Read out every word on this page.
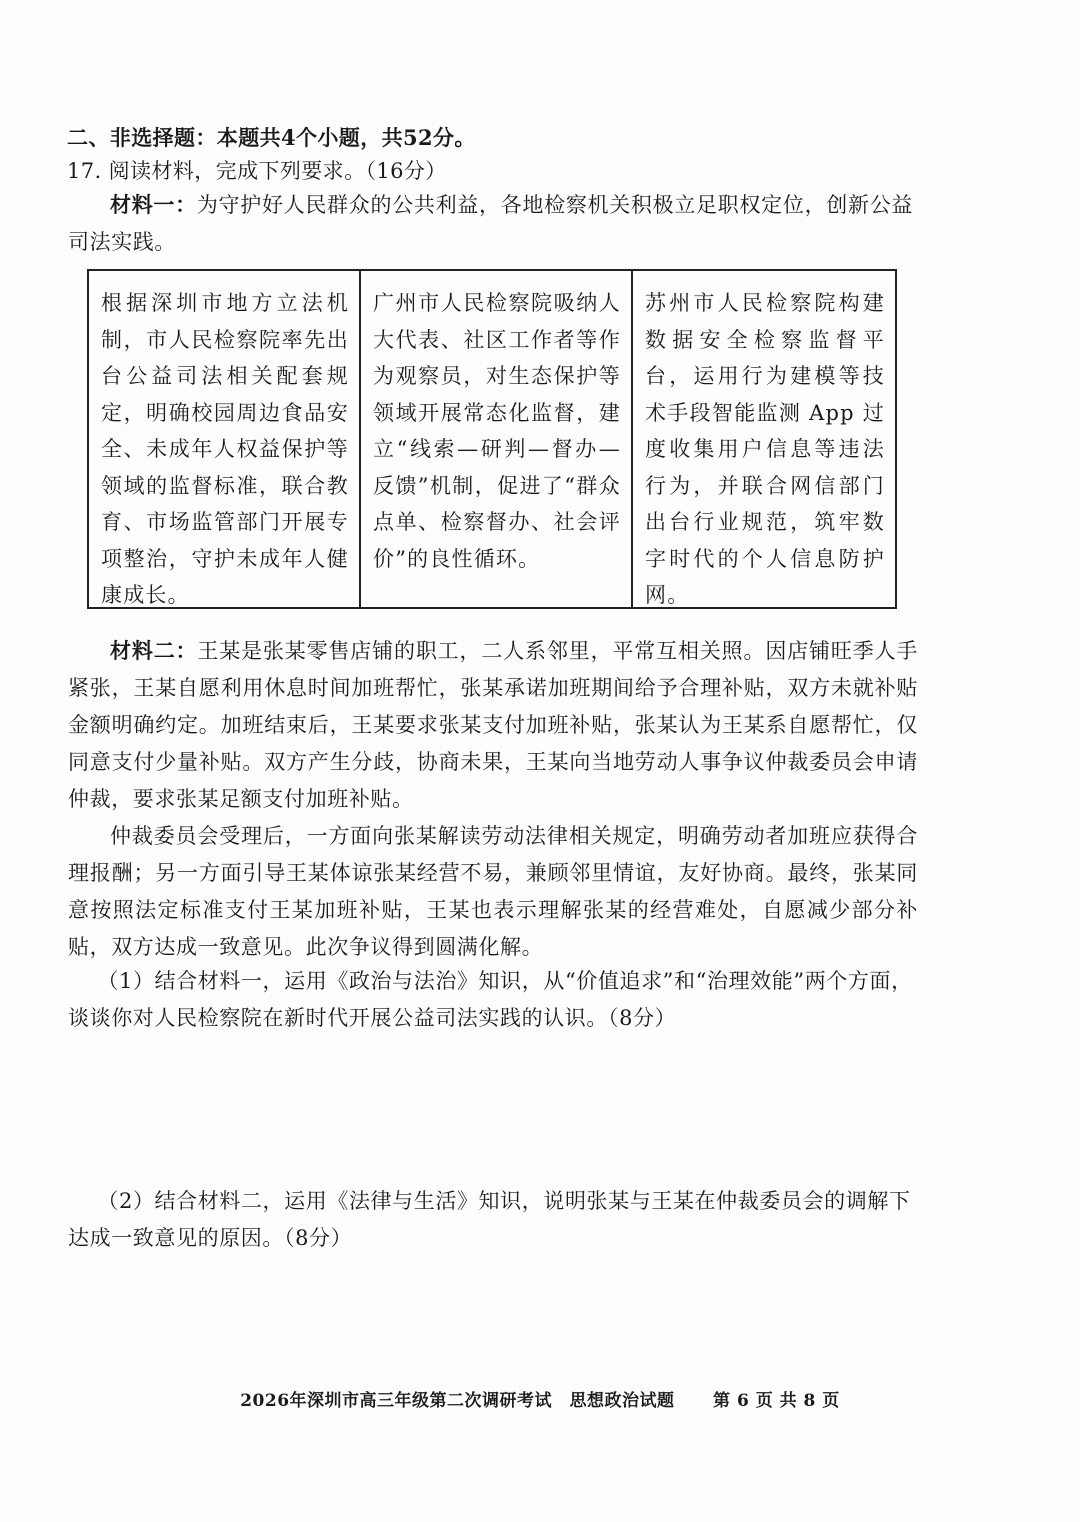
二、非选择题：本题共4个小题，共52分。
17. 阅读材料，完成下列要求。（16分）

材料一：为守护好人民群众的公共利益，各地检察机关积极立足职权定位，创新公益司法实践。

根据深圳市地方立法机制，市人民检察院率先出台公益司法相关配套规定，明确校园周边食品安全、未成年人权益保护等领域的监督标准，联合教育、市场监管部门开展专项整治，守护未成年人健康成长。
广州市人民检察院吸纳人大代表、社区工作者等作为观察员，对生态保护等领域开展常态化监督，建立“线索—研判—督办—反馈”机制，促进了“群众点单、检察督办、社会评价”的良性循环。
苏州市人民检察院构建数据安全检察监督平台，运用行为建模等技术手段智能监测 App 过度收集用户信息等违法行为，并联合网信部门出台行业规范，筑牢数字时代的个人信息防护网。

材料二：王某是张某零售店铺的职工，二人系邻里，平常互相关照。因店铺旺季人手紧张，王某自愿利用休息时间加班帮忙，张某承诺加班期间给予合理补贴，双方未就补贴金额明确约定。加班结束后，王某要求张某支付加班补贴，张某认为王某系自愿帮忙，仅同意支付少量补贴。双方产生分歧，协商未果，王某向当地劳动人事争议仲裁委员会申请仲裁，要求张某足额支付加班补贴。

仲裁委员会受理后，一方面向张某解读劳动法律相关规定，明确劳动者加班应获得合理报酬；另一方面引导王某体谅张某经营不易，兼顾邻里情谊，友好协商。最终，张某同意按照法定标准支付王某加班补贴，王某也表示理解张某的经营难处，自愿减少部分补贴，双方达成一致意见。此次争议得到圆满化解。

（1）结合材料一，运用《政治与法治》知识，从“价值追求”和“治理效能”两个方面，谈谈你对人民检察院在新时代开展公益司法实践的认识。（8分）

（2）结合材料二，运用《法律与生活》知识，说明张某与王某在仲裁委员会的调解下达成一致意见的原因。（8分）

2026年深圳市高三年级第二次调研考试　思想政治试题 第 6 页 共 8 页
